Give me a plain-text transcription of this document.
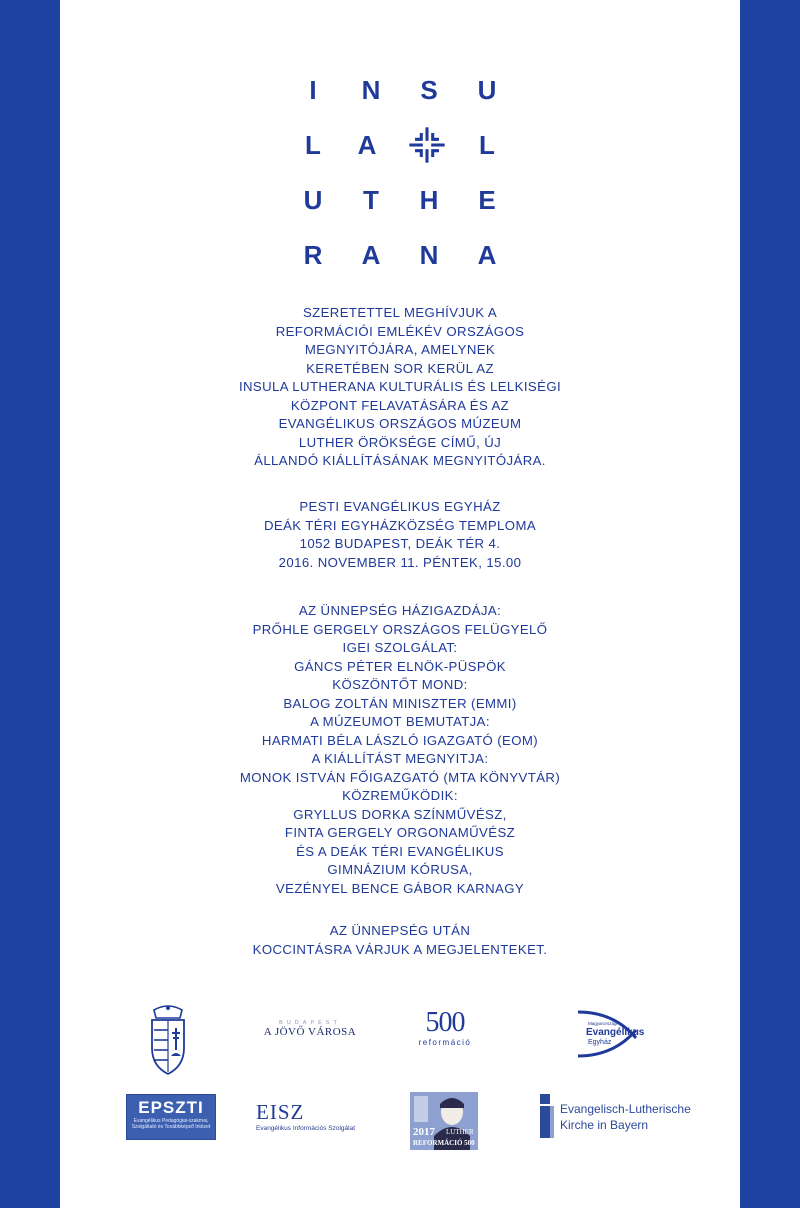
I	N S U
L A	L
U T H E
R A N A

SZERETETTEL MEGHÍVJUK A

REFORMÁCIÓI EMLÉKÉV ORSZÁGOS

MEGNYITÓJÁRA, AMELYNEK

KERETÉBEN SOR KERÜL AZ

INSULA LUTHERANA KULTURÁLIS ÉS LELKISÉGI

KÖZPONT FELAVATÁSÁRA ÉS AZ

EVANGÉLIKUS ORSZÁGOS MÚZEUM

LUTHER ÖRÖKSÉGE CÍMŰ, ÚJ

ÁLLANDÓ KIÁLLÍTÁSÁNAK MEGNYITÓJÁRA.

PESTI EVANGÉLIKUS EGYHÁZ

DEÁK TÉRI EGYHÁZKÖZSÉG TEMPLOMA

1052 BUDAPEST, DEÁK TÉR 4.

2016. NOVEMBER 11. PÉNTEK, 15.00

AZ ÜNNEPSÉG HÁZIGAZDÁJA:

PRŐHLE GERGELY ORSZÁGOS FELÜGYELŐ

IGEI SZOLGÁLAT:

GÁNCS PÉTER ELNÖK-PÜSPÖK

KÖSZÖNTŐT MOND:

BALOG ZOLTÁN MINISZTER (EMMI)

A MÚZEUMOT BEMUTATJA:

HARMATI BÉLA LÁSZLÓ IGAZGATÓ (EOM)

A KIÁLLÍTÁST MEGNYITJA:

MONOK ISTVÁN FŐIGAZGATÓ (MTA KÖNYVTÁR)

KÖZREMŰKÖDIK:

GRYLLUS DORKA SZÍNMŰVÉSZ,

FINTA GERGELY ORGONAMŰVÉSZ

ÉS A DEÁK TÉRI EVANGÉLIKUS

GIMNÁZIUM KÓRUSA,

VEZÉNYEL BENCE GÁBOR KARNAGY

AZ ÜNNEPSÉG UTÁN

KOCCINTÁSRA VÁRJUK A MEGJELENTEKET.

BUDAPEST
A JÖVŐ VÁROSA	500
reformáció
Magyarországi
Evangélikus
Egyház
EPSZTI
Evangélikus Pedagógiai-szakmai, Szolgáltató és Továbbképző Intézet
EISZ
Evangélikus Információs Szolgálat	2017 LUTHER
REFORMÁCIÓ 500
Evangelisch-Lutherische
Kirche in Bayern
